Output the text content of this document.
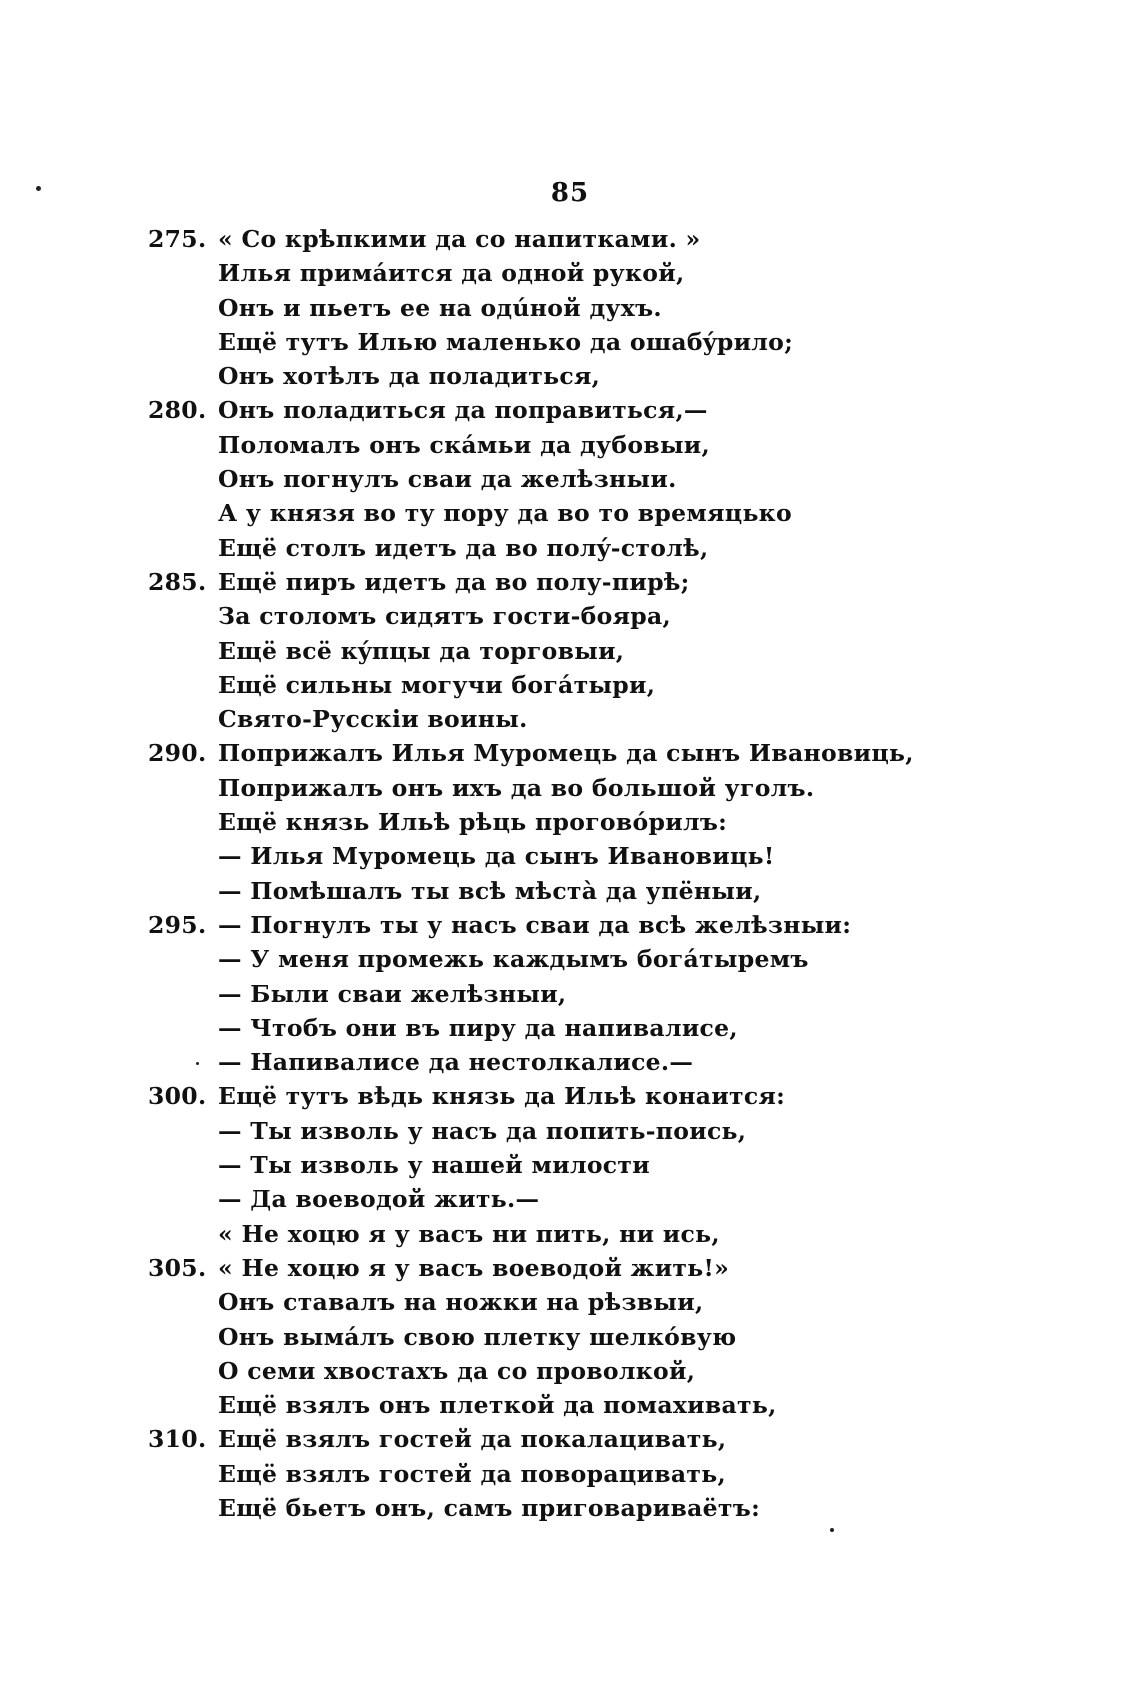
85
275. « Со крѣпкими да со напитками. »
Илья примáится да одной рукой,
Онъ и пьетъ ее на одúной духъ.
Ещё тутъ Илью маленько да ошабýрило;
Онъ хотѣлъ да поладиться,
280. Онъ поладиться да поправиться,—
Поломалъ онъ скáмьи да дубовыи,
Онъ погнулъ сваи да желѣзныи.
А у князя во ту пору да во то времяцько
Ещё столъ идетъ да во полý-столѣ,
285. Ещё пиръ идетъ да во полу-пирѣ;
За столомъ сидятъ гости-бояра,
Ещё всё кýпцы да торговыи,
Ещё сильны могучи богáтыри,
Свято-Русскiи воины.
290. Поприжалъ Илья Муромець да сынъ Ивановиць,
Поприжалъ онъ ихъ да во большой уголъ.
Ещё князь Ильѣ рѣць проговóрилъ:
— Илья Муромець да сынъ Ивановиць!
— Помѣшалъ ты всѣ мѣстà да упёныи,
295. — Погнулъ ты у насъ сваи да всѣ желѣзныи:
— У меня промежь каждымъ богáтыремъ
— Были сваи желѣзныи,
— Чтобъ они въ пиру да напивалисе,
— Напивалисе да нестолкалисе.—
300. Ещё тутъ вѣдь князь да Ильѣ конаится:
— Ты изволь у насъ да попить-поись,
— Ты изволь у нашей милости
— Да воеводой жить.—
« Не хоцю я у васъ ни пить, ни ись,
305. « Не хоцю я у васъ воеводой жить!»
Онъ ставалъ на ножки на рѣзвыи,
Онъ вымáлъ свою плетку шелкóвую
О семи хвостахъ да со проволкой,
Ещё взялъ онъ плеткой да помахивать,
310. Ещё взялъ гостей да покалацивать,
Ещё взялъ гостей да поворацивать,
Ещё бьетъ онъ, самъ приговариваётъ:
